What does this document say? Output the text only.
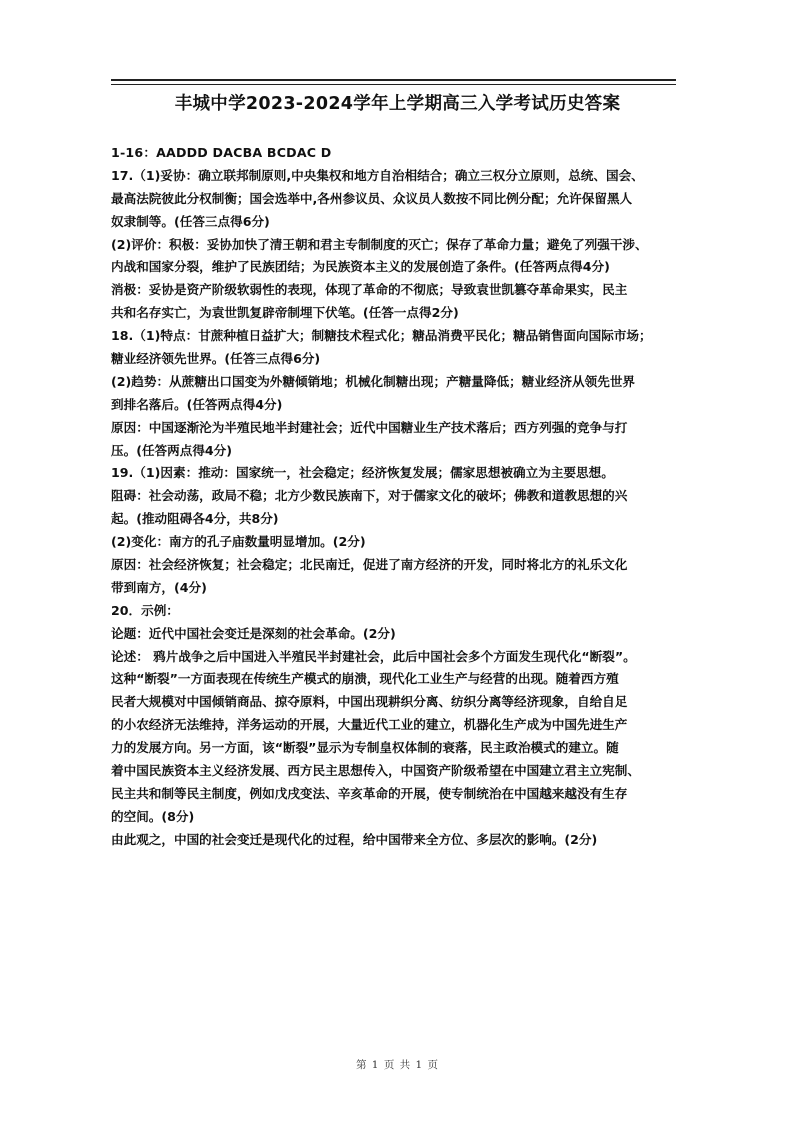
丰城中学2023-2024学年上学期高三入学考试历史答案
1-16：AADDD DACBA BCDAC D
17.（1)妥协：确立联邦制原则,中央集权和地方自治相结合；确立三权分立原则，总统、国会、
最高法院彼此分权制衡；国会选举中,各州参议员、众议员人数按不同比例分配；允许保留黑人
奴隶制等。(任答三点得6分)
(2)评价：积极：妥协加快了清王朝和君主专制制度的灭亡；保存了革命力量；避免了列强干涉、
内战和国家分裂，维护了民族团结；为民族资本主义的发展创造了条件。(任答两点得4分)
消极：妥协是资产阶级软弱性的表现，体现了革命的不彻底；导致袁世凯篡夺革命果实，民主
共和名存实亡，为袁世凯复辟帝制埋下伏笔。(任答一点得2分)
18.（1)特点：甘蔗种植日益扩大；制糖技术程式化；糖品消费平民化；糖品销售面向国际市场；
糖业经济领先世界。(任答三点得6分)
(2)趋势：从蔗糖出口国变为外糖倾销地；机械化制糖出现；产糖量降低；糖业经济从领先世界
到排名落后。(任答两点得4分)
原因：中国逐渐沦为半殖民地半封建社会；近代中国糖业生产技术落后；西方列强的竞争与打
压。(任答两点得4分)
19.（1)因素：推动：国家统一，社会稳定；经济恢复发展；儒家思想被确立为主要思想。
阻碍：社会动荡，政局不稳；北方少数民族南下，对于儒家文化的破坏；佛教和道教思想的兴
起。(推动阻碍各4分，共8分)
(2)变化：南方的孔子庙数量明显增加。(2分)
原因：社会经济恢复；社会稳定；北民南迁，促进了南方经济的开发，同时将北方的礼乐文化
带到南方，(4分)
20．示例：
论题：近代中国社会变迁是深刻的社会革命。(2分)
论述： 鸦片战争之后中国进入半殖民半封建社会，此后中国社会多个方面发生现代化“断裂”。
这种“断裂”一方面表现在传统生产模式的崩溃，现代化工业生产与经营的出现。随着西方殖
民者大规模对中国倾销商品、掠夺原料，中国出现耕织分离、纺织分离等经济现象，自给自足
的小农经济无法维持，洋务运动的开展，大量近代工业的建立，机器化生产成为中国先进生产
力的发展方向。另一方面，该“断裂”显示为专制皇权体制的衰落，民主政治模式的建立。随
着中国民族资本主义经济发展、西方民主思想传入，中国资产阶级希望在中国建立君主立宪制、
民主共和制等民主制度，例如戊戌变法、辛亥革命的开展，使专制统治在中国越来越没有生存
的空间。(8分)
由此观之，中国的社会变迁是现代化的过程，给中国带来全方位、多层次的影响。(2分)
第 1 页 共 1 页
